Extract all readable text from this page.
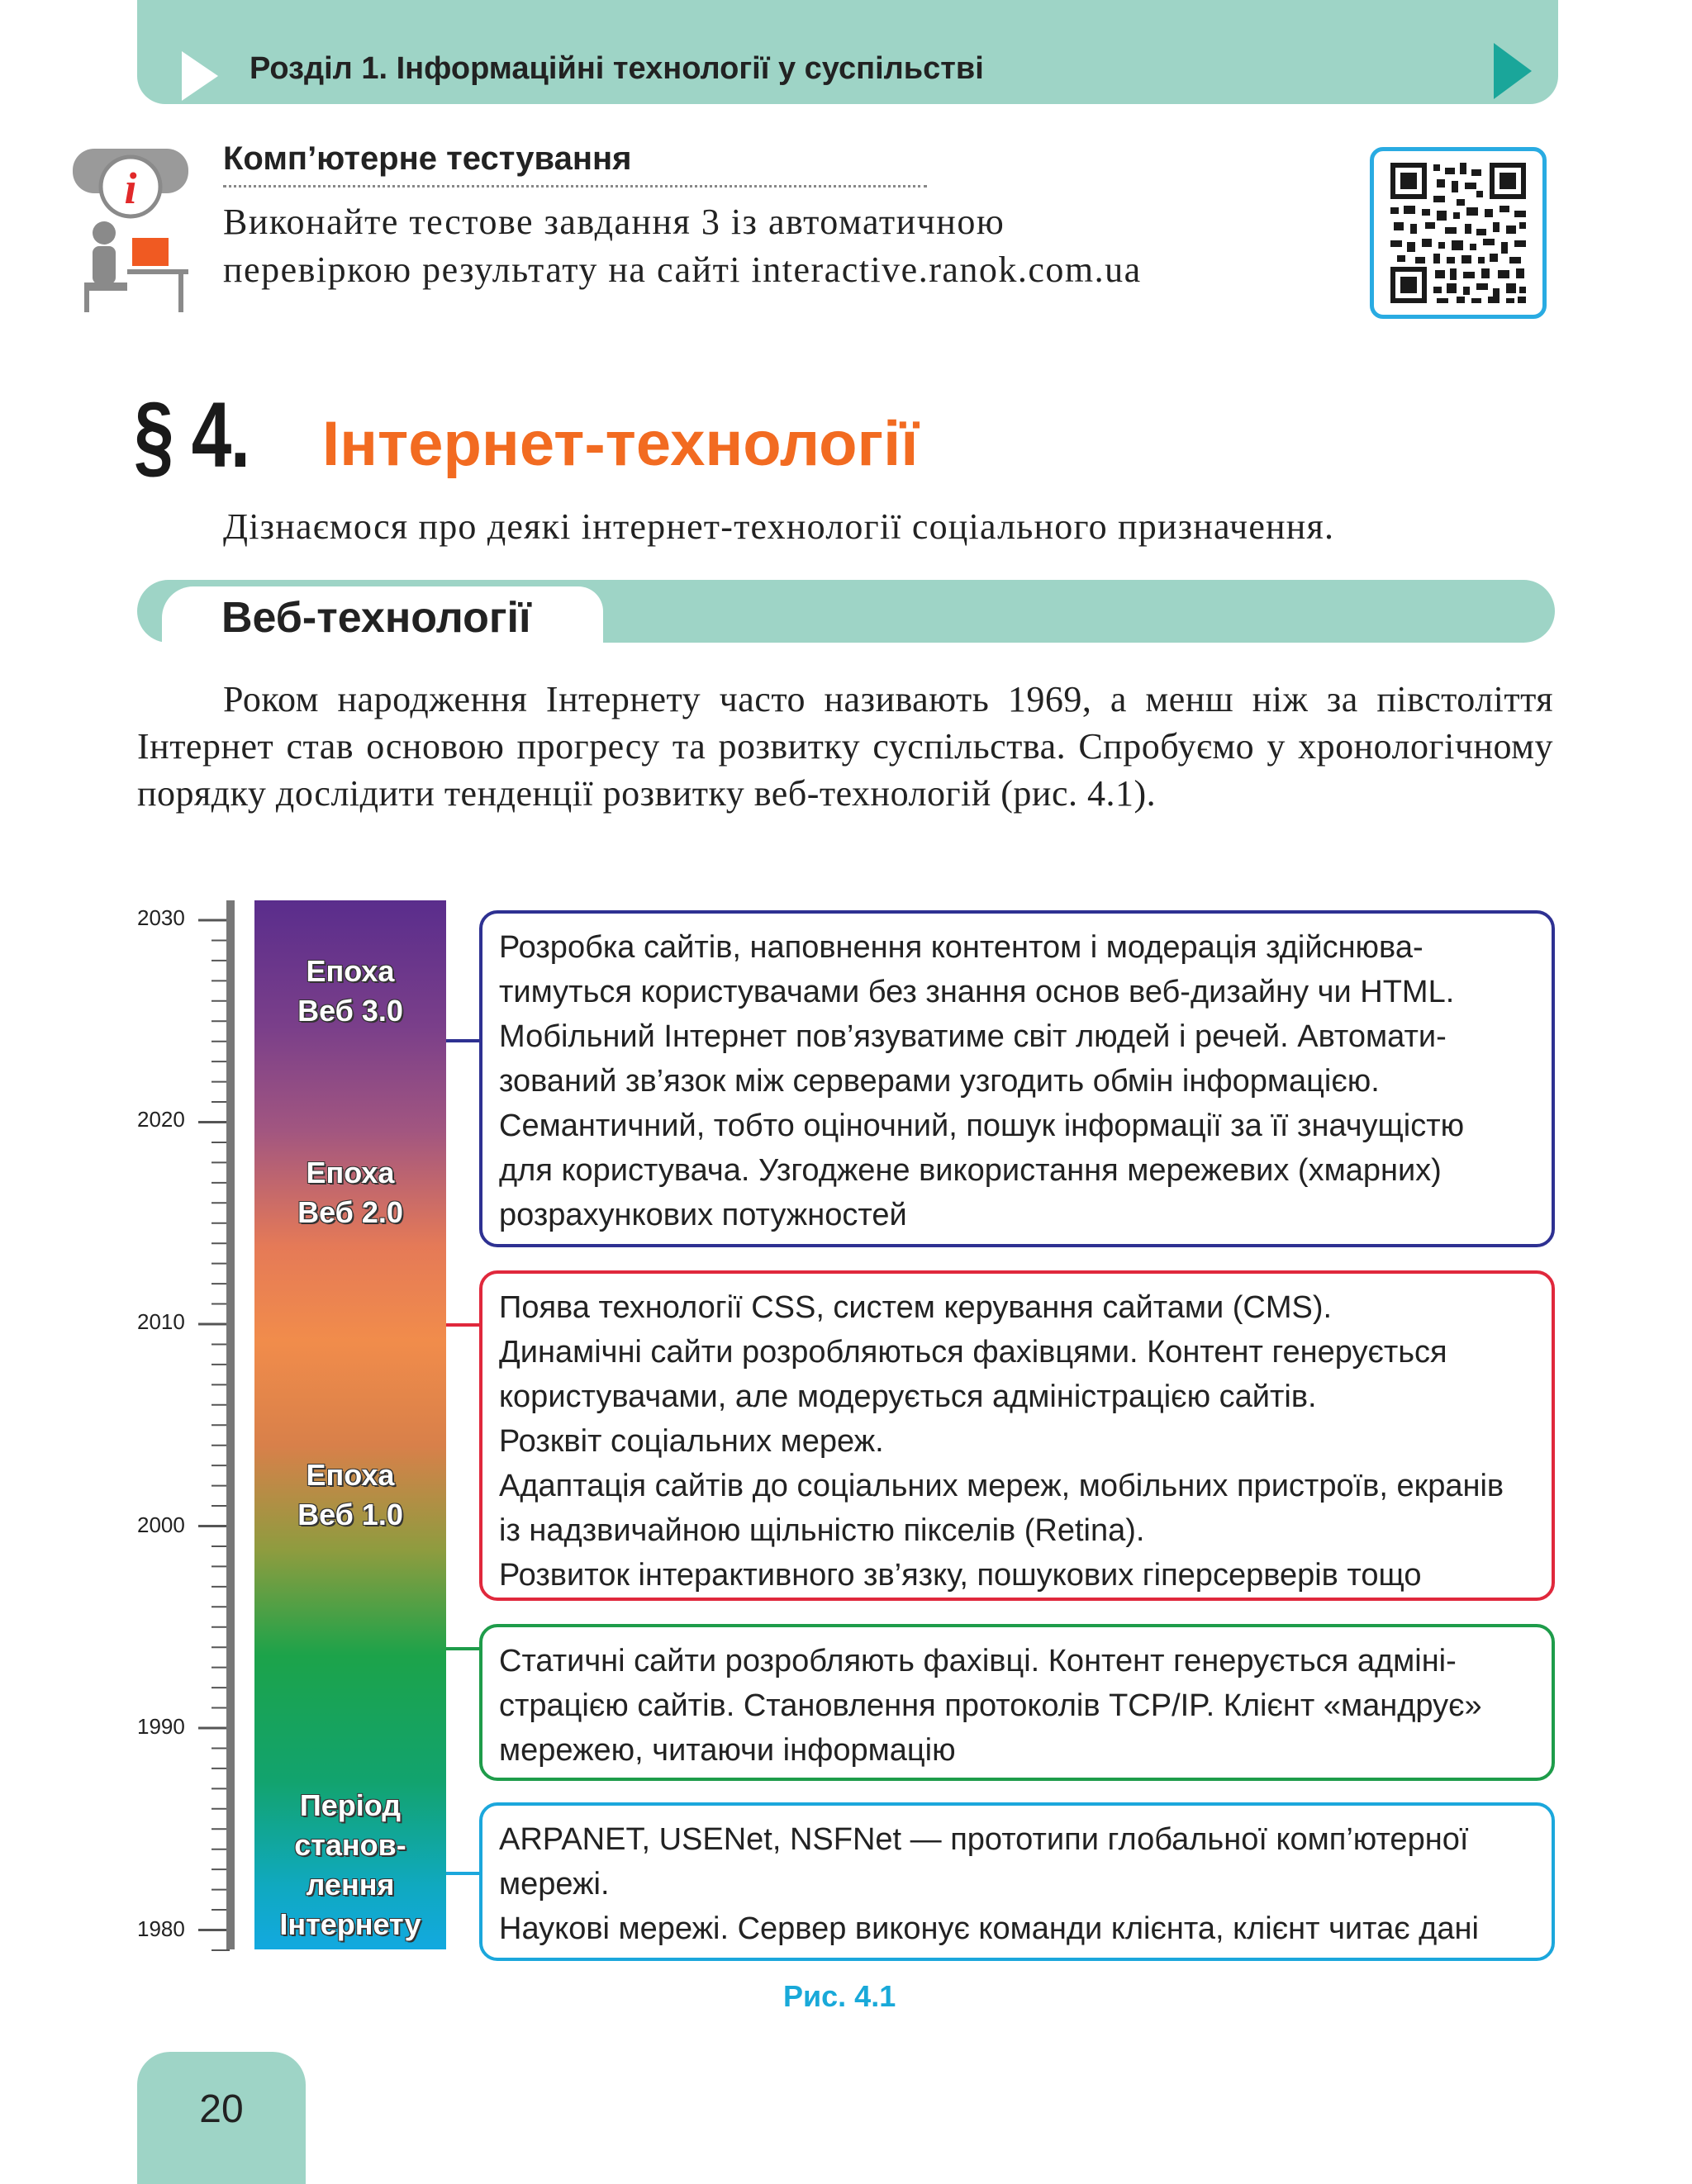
Розділ 1. Інформаційні технології у суспільстві
i
Комп’ютерне тестування
Виконайте тестове завдання 3 із автоматичною
перевіркою результату на сайті interactive.ranok.com.ua
§ 4. Інтернет-технології
Дізнаємося про деякі інтернет-технології соціального призначення.
Веб-технології
Роком народження Інтернету часто називають 1969, а менш ніж за півстоліття Інтернет став основою прогресу та розвитку суспільства. Спробуємо у хронологічному порядку дослідити тенденції розвитку веб-технологій (рис. 4.1).
2030
2020
2010
2000
1990
1980
Епоха
Веб 3.0
Епоха
Веб 2.0
Епоха
Веб 1.0
Період
станов-
лення
Інтернету
Розробка сайтів, наповнення контентом і модерація здійснюва-
тимуться користувачами без знання основ веб-дизайну чи HTML.
Мобільний Інтернет пов’язуватиме світ людей і речей. Автомати-
зований зв’язок між серверами узгодить обмін інформацією.
Семантичний, тобто оціночний, пошук інформації за її значущістю
для користувача. Узгоджене використання мережевих (хмарних)
розрахункових потужностей
Поява технології CSS, систем керування сайтами (CMS).
Динамічні сайти розробляються фахівцями. Контент генерується
користувачами, але модерується адміністрацією сайтів.
Розквіт соціальних мереж.
Адаптація сайтів до соціальних мереж, мобільних пристроїв, екранів
із надзвичайною щільністю пікселів (Retina).
Розвиток інтерактивного зв’язку, пошукових гіперсерверів тощо
Статичні сайти розробляють фахівці. Контент генерується адміні-
страцією сайтів. Становлення протоколів TCP/IP. Клієнт «мандрує»
мережею, читаючи інформацію
ARPANET, USENet, NSFNet — прототипи глобальної комп’ютерної
мережі.
Наукові мережі. Сервер виконує команди клієнта, клієнт читає дані
Рис. 4.1
20
